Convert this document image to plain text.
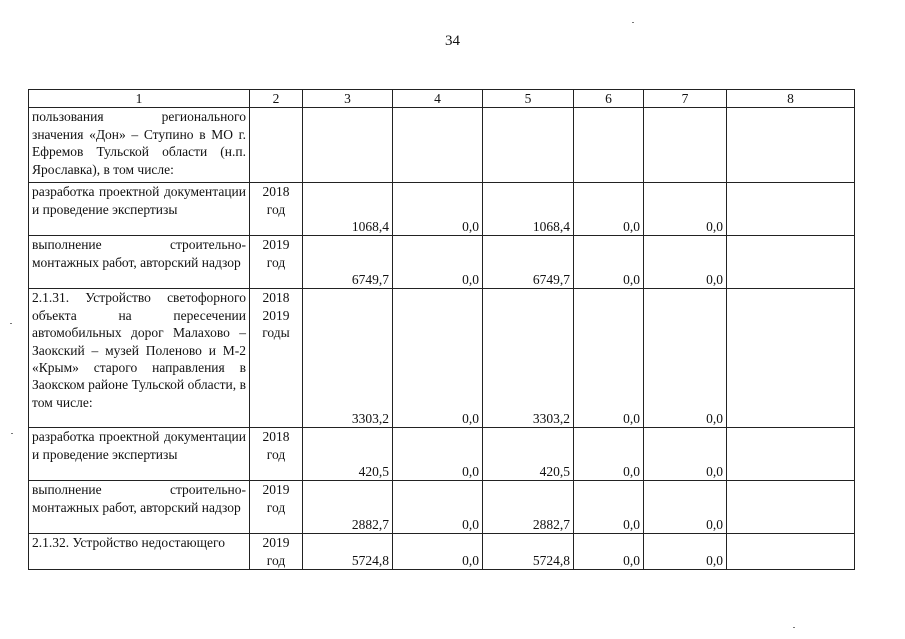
34
1	2	3	4	5	6	7	8
пользования регионального значения «Дон» – Ступино в МО г. Ефремов Тульской области (н.п. Ярославка), в том числе:							
разработка проектной документации и проведение экспертизы	2018 год	1068,4	0,0	1068,4	0,0	0,0	
выполнение строительно-монтажных работ, авторский надзор	2019 год	6749,7	0,0	6749,7	0,0	0,0	
2.1.31. Устройство светофорного объекта на пересечении автомобильных дорог Малахово – Заокский – музей Поленово и М-2 «Крым» старого направления в Заокском районе Тульской области, в том числе:	2018 2019 годы	3303,2	0,0	3303,2	0,0	0,0	
разработка проектной документации и проведение экспертизы	2018 год	420,5	0,0	420,5	0,0	0,0	
выполнение строительно-монтажных работ, авторский надзор	2019 год	2882,7	0,0	2882,7	0,0	0,0	
2.1.32. Устройство недостающего	2019 год	5724,8	0,0	5724,8	0,0	0,0	
